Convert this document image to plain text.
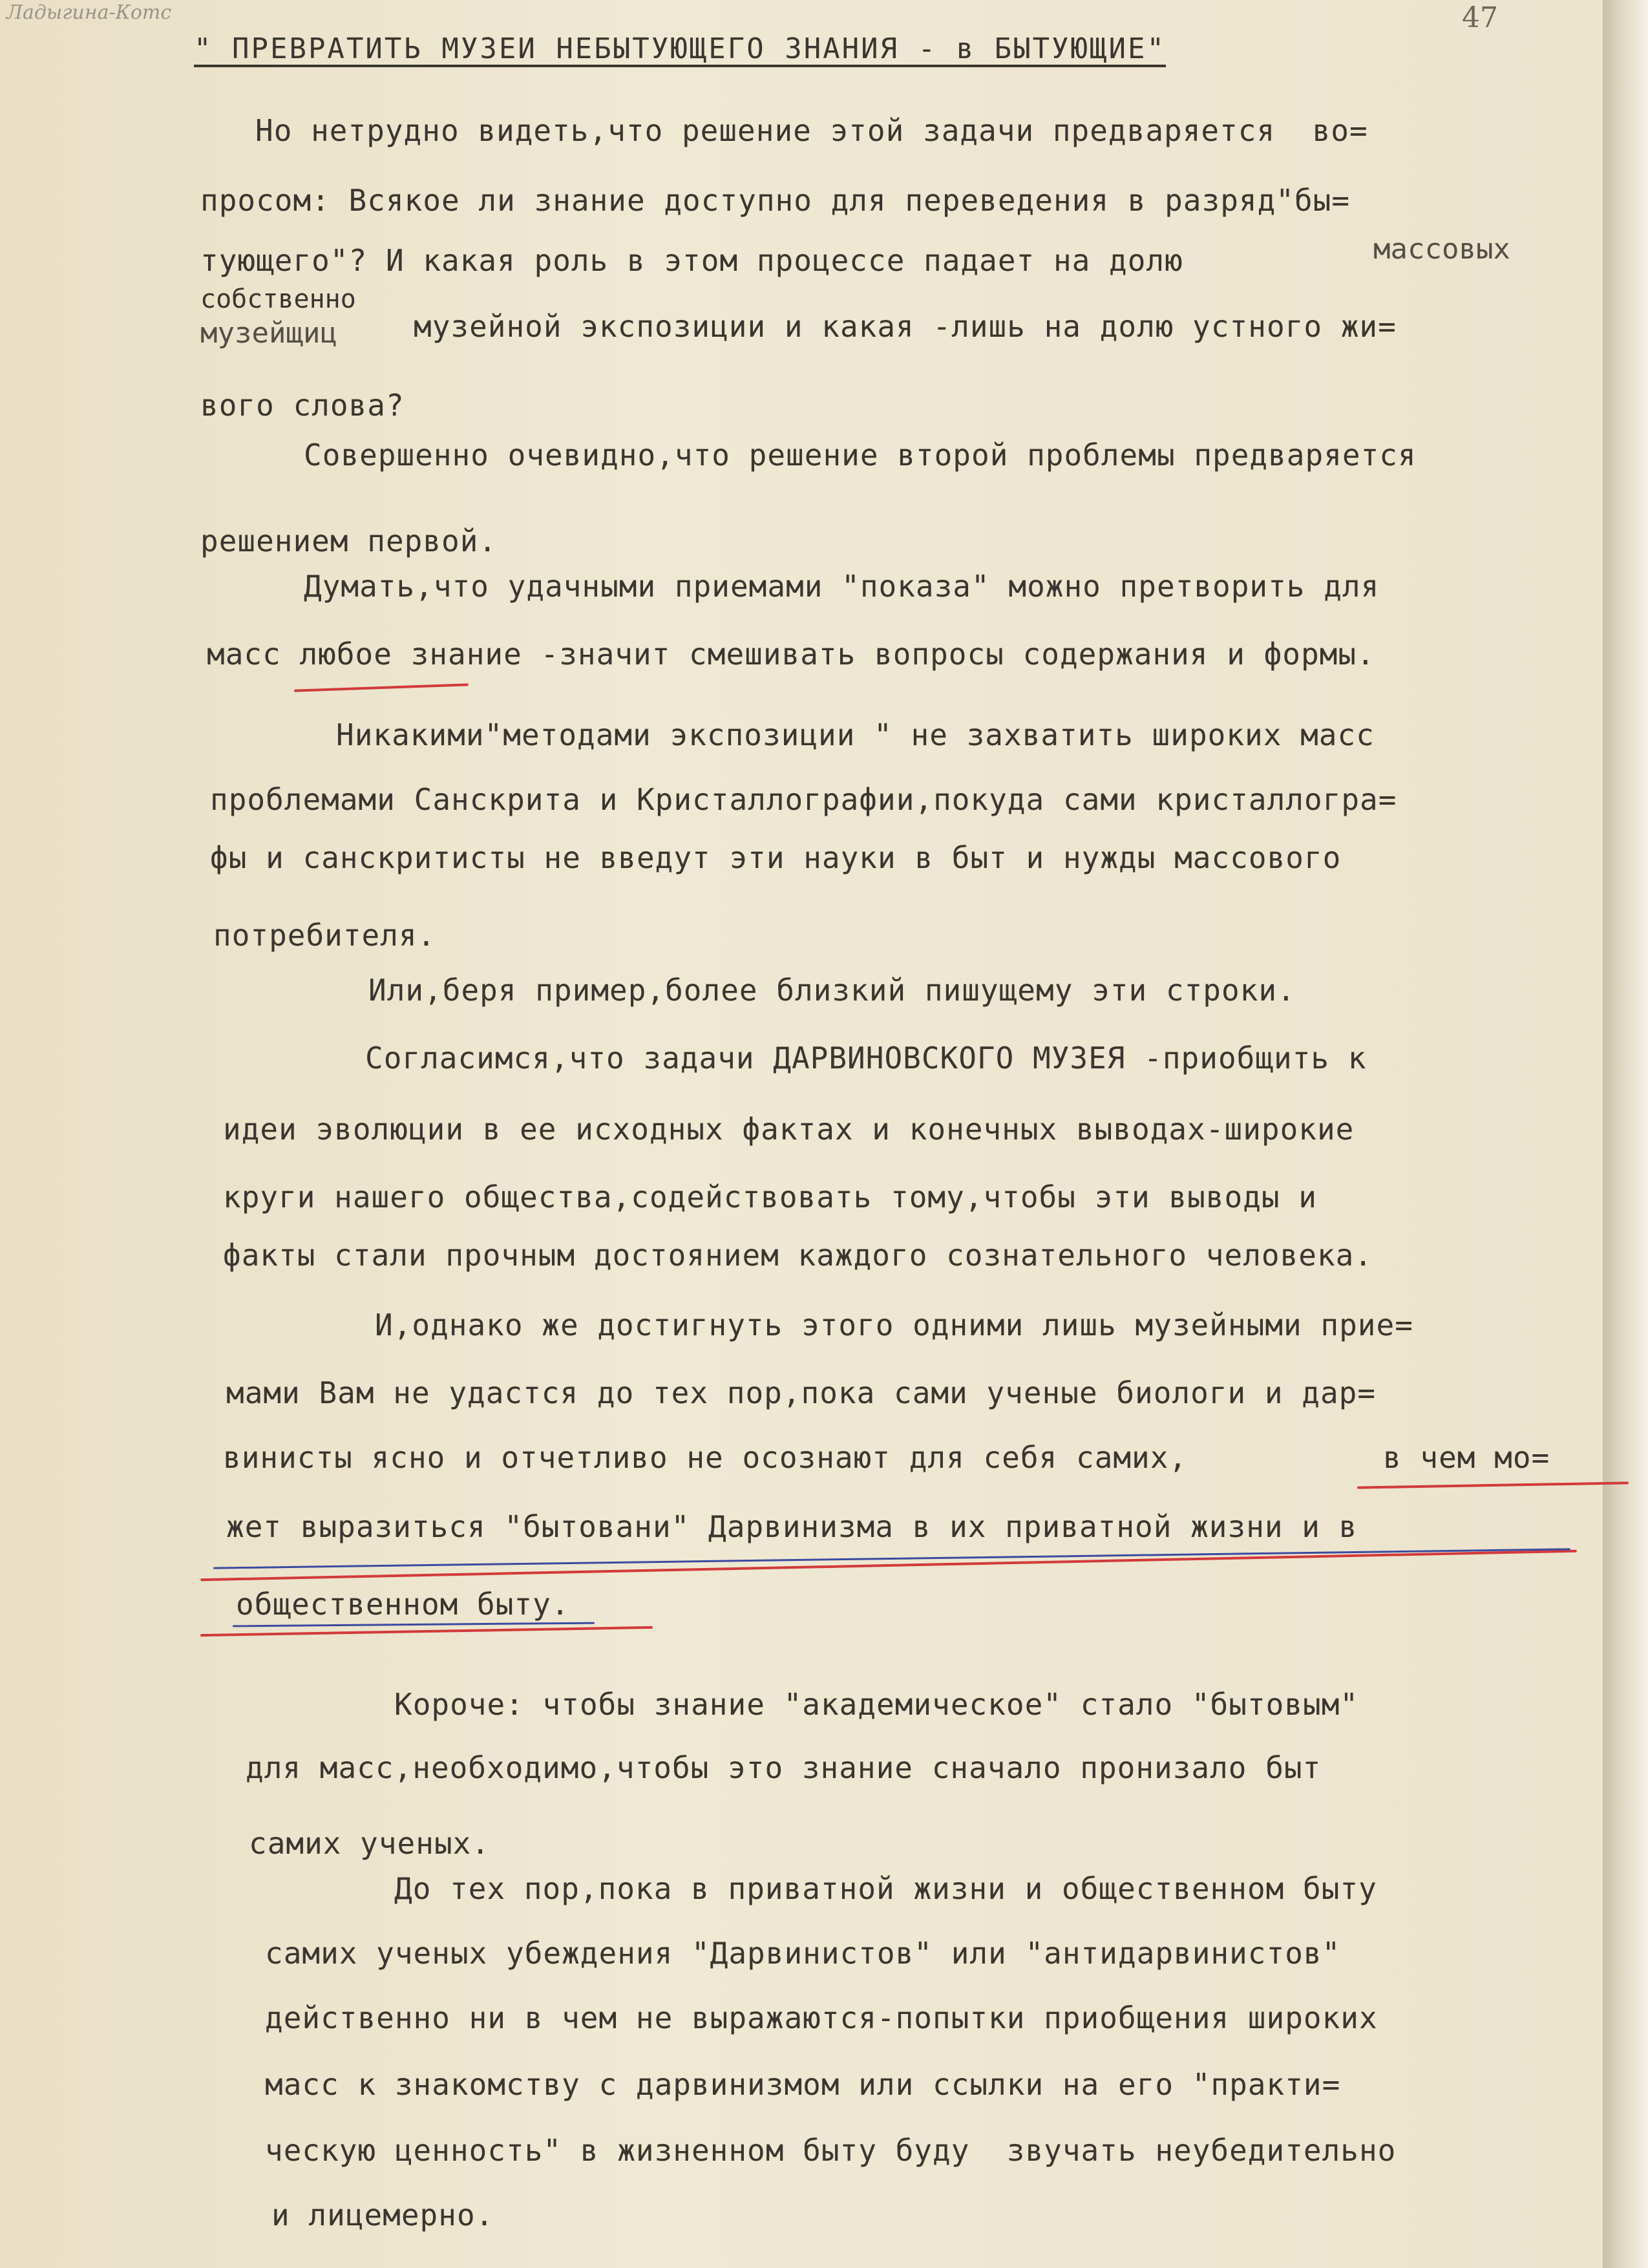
Ладыгина-Котс	47
" ПРЕВРАТИТЬ МУЗЕИ НЕБЫТУЮЩЕГО ЗНАНИЯ - в БЫТУЮЩИЕ"
Но нетрудно видеть,что решение этой задачи предваряется  во=
просом: Всякое ли знание доступно для переведения в разряд"бы=
тующего"? И какая роль в этом процессе падает на долю	массовых
собственно
музейщиц	музейной экспозиции и какая -лишь на долю устного жи=
вого слова?
Совершенно очевидно,что решение второй проблемы предваряется
решением первой.
Думать,что удачными приемами "показа" можно претворить для
масс любое знание -значит смешивать вопросы содержания и формы.
Никакими"методами экспозиции " не захватить широких масс
проблемами Санскрита и Кристаллографии,покуда сами кристаллогра=
фы и санскритисты не введут эти науки в быт и нужды массового
потребителя.
Или,беря пример,более близкий пишущему эти строки.
Согласимся,что задачи ДАРВИНОВСКОГО МУЗЕЯ -приобщить к
идеи эволюции в ее исходных фактах и конечных выводах-широкие
круги нашего общества,содействовать тому,чтобы эти выводы и
факты стали прочным достоянием каждого сознательного человека.
И,однако же достигнуть этого одними лишь музейными прие=
мами Вам не удастся до тех пор,пока сами ученые биологи и дар=
винисты ясно и отчетливо не осознают для себя самих,	в чем мо=
жет выразиться "бытовани" Дарвинизма в их приватной жизни и в
общественном быту.
Короче: чтобы знание "академическое" стало "бытовым"
для масс,необходимо,чтобы это знание сначало пронизало быт
самих ученых.
До тех пор,пока в приватной жизни и общественном быту
самих ученых убеждения "Дарвинистов" или "антидарвинистов"
действенно ни в чем не выражаются-попытки приобщения широких
масс к знакомству с дарвинизмом или ссылки на его "практи=
ческую ценность" в жизненном быту буду  звучать неубедительно
и лицемерно.
